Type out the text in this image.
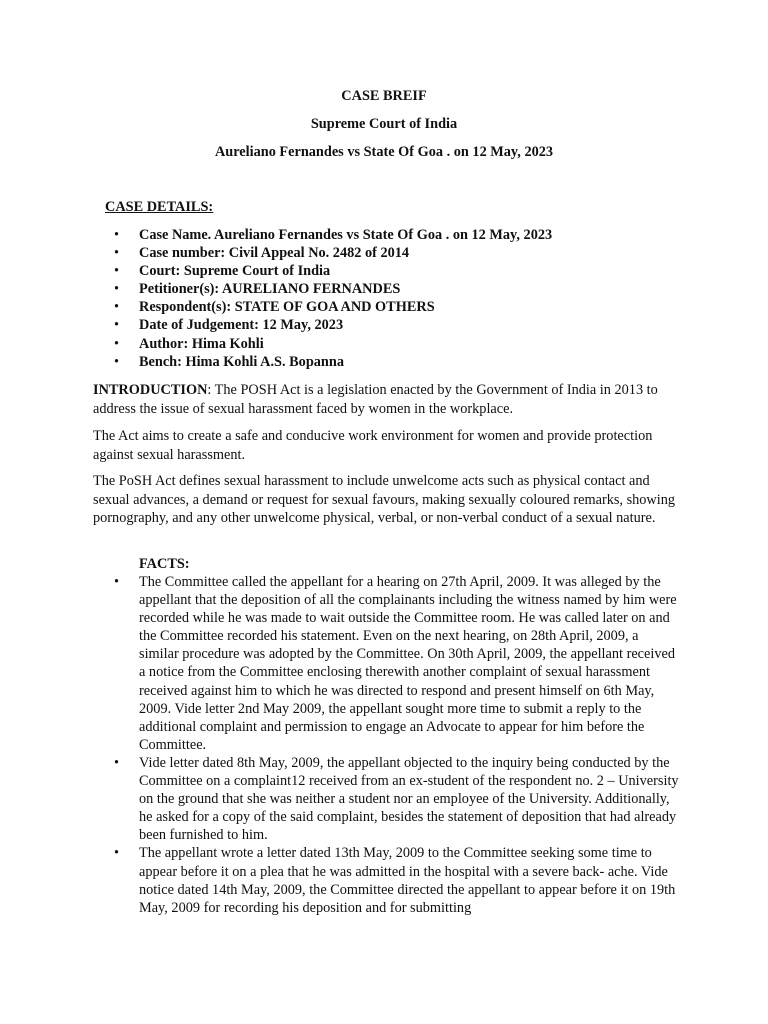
CASE BREIF
Supreme Court of India
Aureliano Fernandes vs State Of Goa . on 12 May, 2023
CASE DETAILS:
• Case Name. Aureliano Fernandes vs State Of Goa . on 12 May, 2023
• Case number: Civil Appeal No. 2482 of 2014
• Court: Supreme Court of India
• Petitioner(s): AURELIANO FERNANDES
• Respondent(s): STATE OF GOA AND OTHERS
• Date of Judgement: 12 May, 2023
• Author: Hima Kohli
• Bench: Hima Kohli A.S. Bopanna

INTRODUCTION: The POSH Act is a legislation enacted by the Government of India in 2013 to address the issue of sexual harassment faced by women in the workplace.

The Act aims to create a safe and conducive work environment for women and provide protection against sexual harassment.

The PoSH Act defines sexual harassment to include unwelcome acts such as physical contact and sexual advances, a demand or request for sexual favours, making sexually coloured remarks, showing pornography, and any other unwelcome physical, verbal, or non-verbal conduct of a sexual nature.

FACTS:
• The Committee called the appellant for a hearing on 27th April, 2009. It was alleged by the appellant that the deposition of all the complainants including the witness named by him were recorded while he was made to wait outside the Committee room. He was called later on and the Committee recorded his statement. Even on the next hearing, on 28th April, 2009, a similar procedure was adopted by the Committee. On 30th April, 2009, the appellant received a notice from the Committee enclosing therewith another complaint of sexual harassment received against him to which he was directed to respond and present himself on 6th May, 2009. Vide letter 2nd May 2009, the appellant sought more time to submit a reply to the additional complaint and permission to engage an Advocate to appear for him before the Committee.
• Vide letter dated 8th May, 2009, the appellant objected to the inquiry being conducted by the Committee on a complaint12 received from an ex-student of the respondent no. 2 – University on the ground that she was neither a student nor an employee of the University. Additionally, he asked for a copy of the said complaint, besides the statement of deposition that had already been furnished to him.
• The appellant wrote a letter dated 13th May, 2009 to the Committee seeking some time to appear before it on a plea that he was admitted in the hospital with a severe back- ache. Vide notice dated 14th May, 2009, the Committee directed the appellant to appear before it on 19th May, 2009 for recording his deposition and for submitting
